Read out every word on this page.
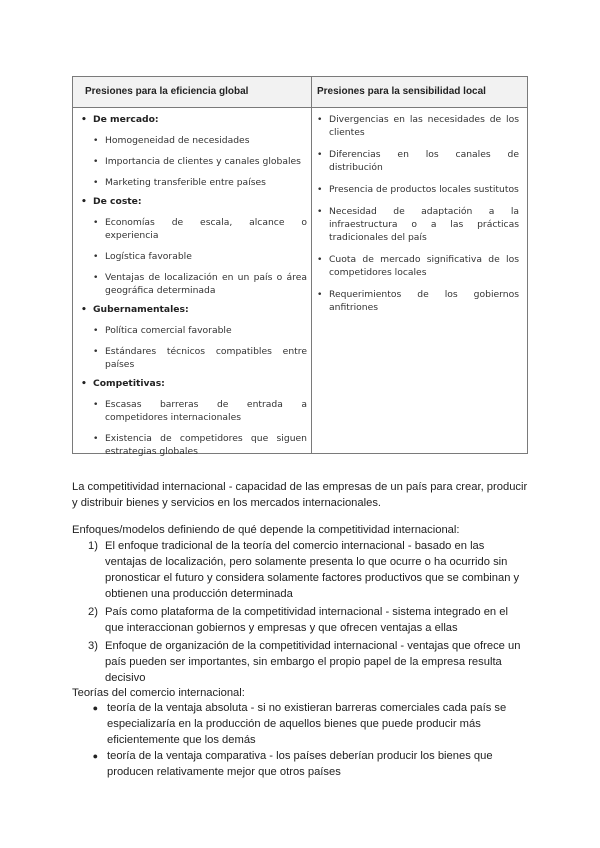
Presiones para la eficiencia global	Presiones para la sensibilidad local
• De mercado:
• Homogeneidad de necesidades
• Importancia de clientes y canales globales
• Marketing transferible entre países
• De coste:
• Economías de escala, alcance o experiencia
• Logística favorable
• Ventajas de localización en un país o área geográfica determinada
• Gubernamentales:
• Política comercial favorable
• Estándares técnicos compatibles entre países
• Competitivas:
• Escasas barreras de entrada a competidores internacionales
• Existencia de competidores que siguen estrategias globales
• Divergencias en las necesidades de los clientes
• Diferencias en los canales de distribución
• Presencia de productos locales sustitutos
• Necesidad de adaptación a la infraestructura o a las prácticas tradicionales del país
• Cuota de mercado significativa de los competidores locales
• Requerimientos de los gobiernos anfitriones
La competitividad internacional - capacidad de las empresas de un país para crear, producir y distribuir bienes y servicios en los mercados internacionales.
Enfoques/modelos definiendo de qué depende la competitividad internacional:
1) El enfoque tradicional de la teoría del comercio internacional - basado en las ventajas de localización, pero solamente presenta lo que ocurre o ha ocurrido sin pronosticar el futuro y considera solamente factores productivos que se combinan y obtienen una producción determinada
2) País como plataforma de la competitividad internacional - sistema integrado en el que interaccionan gobiernos y empresas y que ofrecen ventajas a ellas
3) Enfoque de organización de la competitividad internacional - ventajas que ofrece un país pueden ser importantes, sin embargo el propio papel de la empresa resulta decisivo
Teorías del comercio internacional:
● teoría de la ventaja absoluta - si no existieran barreras comerciales cada país se especializaría en la producción de aquellos bienes que puede producir más eficientemente que los demás
● teoría de la ventaja comparativa - los países deberían producir los bienes que producen relativamente mejor que otros países
